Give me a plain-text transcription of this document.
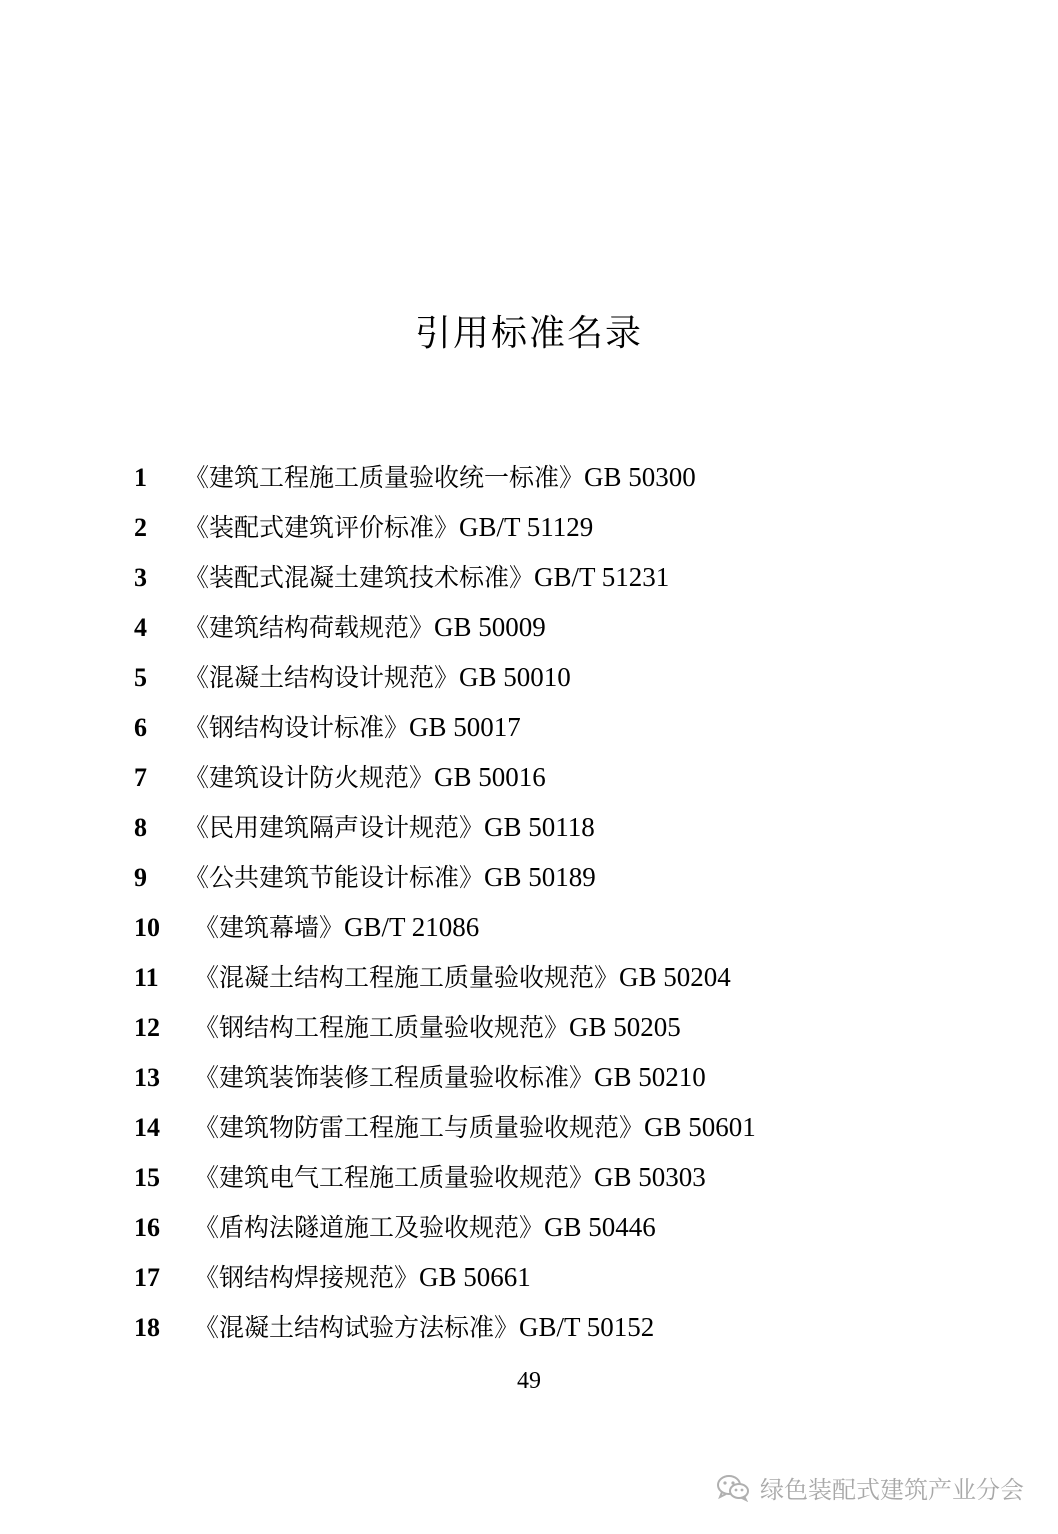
引用标准名录
1 《建筑工程施工质量验收统一标准》GB 50300
2 《装配式建筑评价标准》GB/T 51129
3 《装配式混凝土建筑技术标准》GB/T 51231
4 《建筑结构荷载规范》GB 50009
5 《混凝土结构设计规范》GB 50010
6 《钢结构设计标准》GB 50017
7 《建筑设计防火规范》GB 50016
8 《民用建筑隔声设计规范》GB 50118
9 《公共建筑节能设计标准》GB 50189
10 《建筑幕墙》GB/T 21086
11 《混凝土结构工程施工质量验收规范》GB 50204
12 《钢结构工程施工质量验收规范》GB 50205
13 《建筑装饰装修工程质量验收标准》GB 50210
14 《建筑物防雷工程施工与质量验收规范》GB 50601
15 《建筑电气工程施工质量验收规范》GB 50303
16 《盾构法隧道施工及验收规范》GB 50446
17 《钢结构焊接规范》GB 50661
18 《混凝土结构试验方法标准》GB/T 50152
49
绿色装配式建筑产业分会
